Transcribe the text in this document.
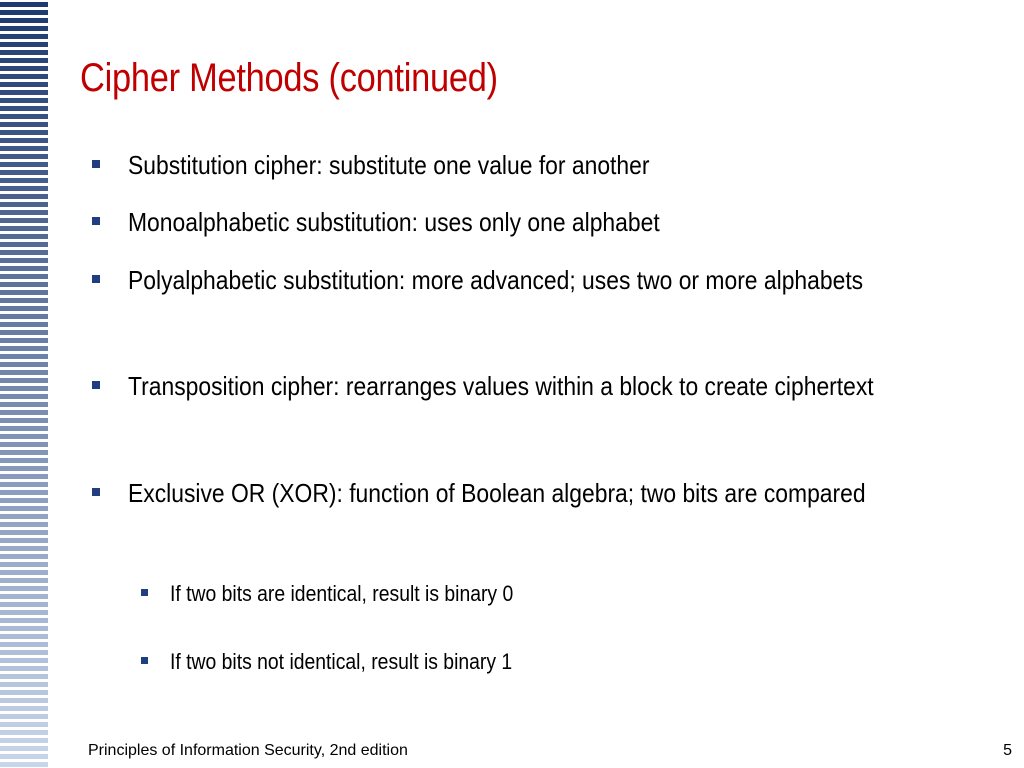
Cipher Methods (continued)
Substitution cipher: substitute one value for another
Monoalphabetic substitution: uses only one alphabet
Polyalphabetic substitution: more advanced; uses two or more alphabets
Transposition cipher: rearranges values within a block to create ciphertext
Exclusive OR (XOR): function of Boolean algebra; two bits are compared
If two bits are identical, result is binary 0
If two bits not identical, result is binary 1
Principles of Information Security, 2nd edition	5
